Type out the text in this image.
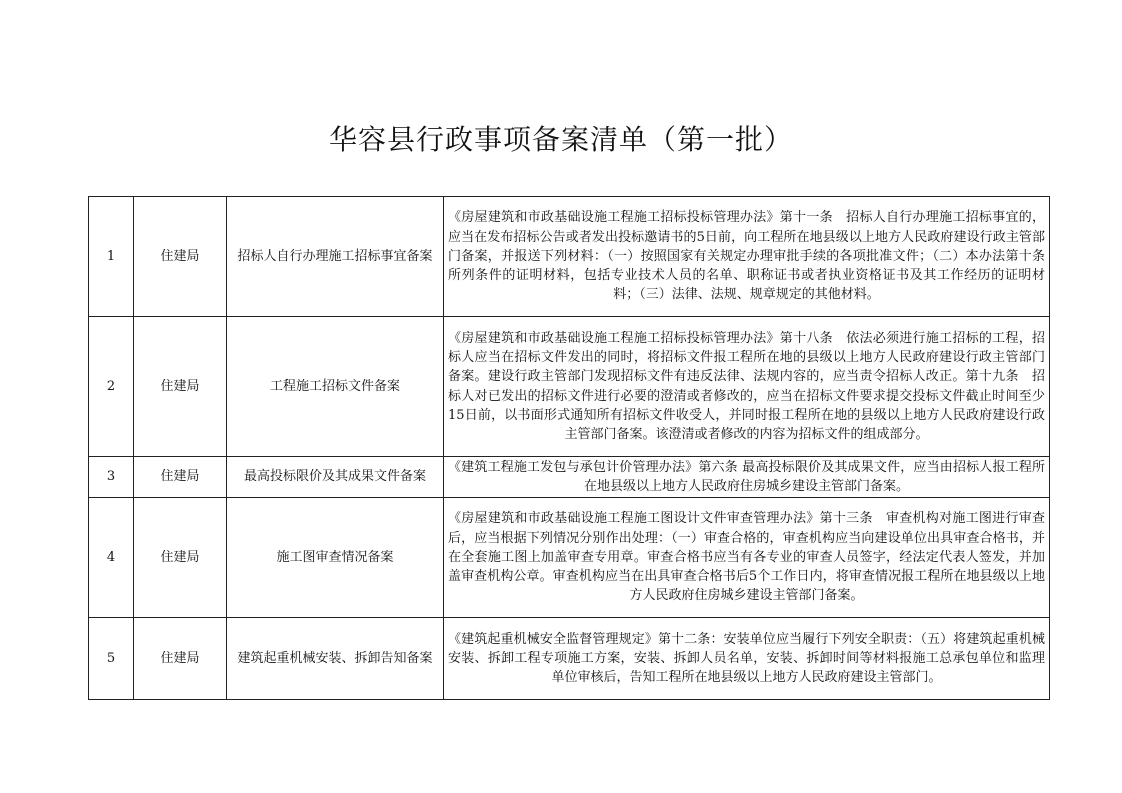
华容县行政事项备案清单（第一批）
1	住建局	招标人自行办理施工招标事宜备案	《房屋建筑和市政基础设施工程施工招标投标管理办法》第十一条　招标人自行办理施工招标事宜的，应当在发布招标公告或者发出投标邀请书的5日前，向工程所在地县级以上地方人民政府建设行政主管部门备案，并报送下列材料：（一）按照国家有关规定办理审批手续的各项批准文件；（二）本办法第十条所列条件的证明材料，包括专业技术人员的名单、职称证书或者执业资格证书及其工作经历的证明材料；（三）法律、法规、规章规定的其他材料。
2	住建局	工程施工招标文件备案	《房屋建筑和市政基础设施工程施工招标投标管理办法》第十八条　依法必须进行施工招标的工程，招标人应当在招标文件发出的同时，将招标文件报工程所在地的县级以上地方人民政府建设行政主管部门备案。建设行政主管部门发现招标文件有违反法律、法规内容的，应当责令招标人改正。第十九条　招标人对已发出的招标文件进行必要的澄清或者修改的，应当在招标文件要求提交投标文件截止时间至少15日前，以书面形式通知所有招标文件收受人，并同时报工程所在地的县级以上地方人民政府建设行政主管部门备案。该澄清或者修改的内容为招标文件的组成部分。
3	住建局	最高投标限价及其成果文件备案	《建筑工程施工发包与承包计价管理办法》第六条 最高投标限价及其成果文件，应当由招标人报工程所在地县级以上地方人民政府住房城乡建设主管部门备案。
4	住建局	施工图审查情况备案	《房屋建筑和市政基础设施工程施工图设计文件审查管理办法》第十三条　审查机构对施工图进行审查后，应当根据下列情况分别作出处理：（一）审查合格的，审查机构应当向建设单位出具审查合格书，并在全套施工图上加盖审查专用章。审查合格书应当有各专业的审查人员签字，经法定代表人签发，并加盖审查机构公章。审查机构应当在出具审查合格书后5个工作日内，将审查情况报工程所在地县级以上地方人民政府住房城乡建设主管部门备案。
5	住建局	建筑起重机械安装、拆卸告知备案	《建筑起重机械安全监督管理规定》第十二条：安装单位应当履行下列安全职责：（五）将建筑起重机械安装、拆卸工程专项施工方案，安装、拆卸人员名单，安装、拆卸时间等材料报施工总承包单位和监理单位审核后，告知工程所在地县级以上地方人民政府建设主管部门。
